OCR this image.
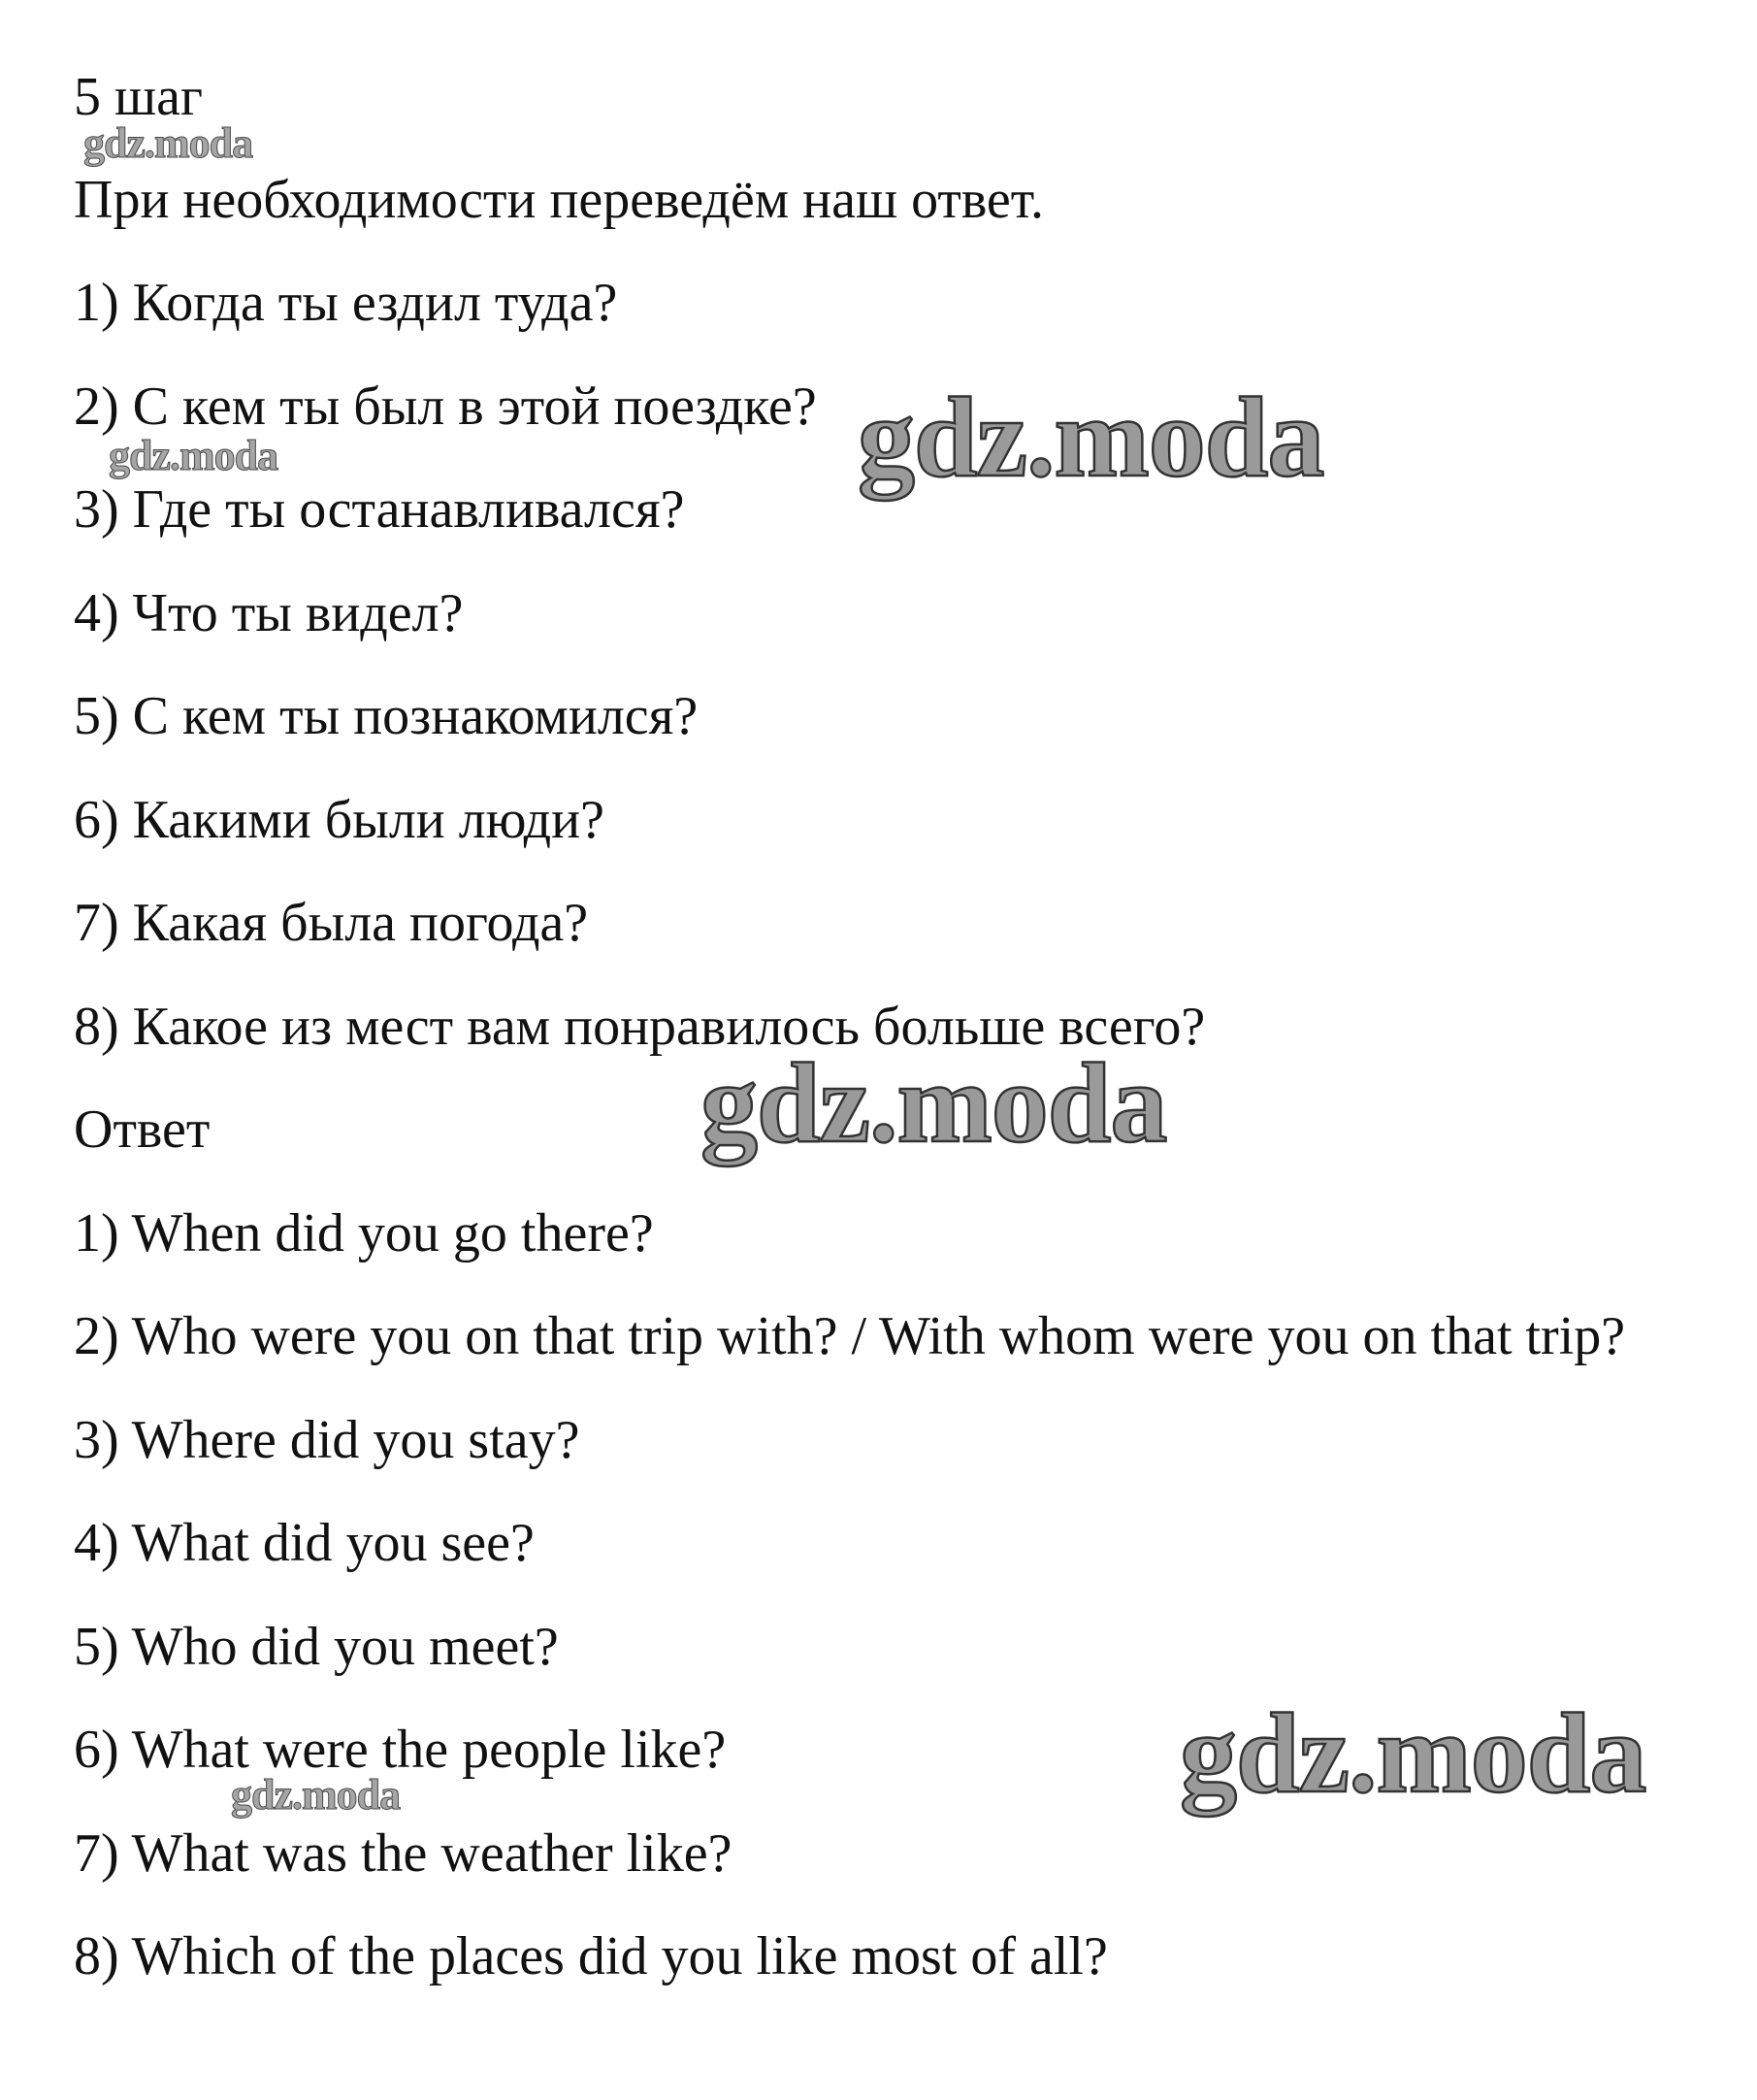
5 шаг

При необходимости переведём наш ответ.

1) Когда ты ездил туда?

2) С кем ты был в этой поездке?

3) Где ты останавливался?

4) Что ты видел?

5) С кем ты познакомился?

6) Какими были люди?

7) Какая была погода?

8) Какое из мест вам понравилось больше всего?

Ответ

1) When did you go there?

2) Who were you on that trip with? / With whom were you on that trip?

3) Where did you stay?

4) What did you see?

5) Who did you meet?

6) What were the people like?

7) What was the weather like?

8) Which of the places did you like most of all?

gdz.moda
gdz.moda
gdz.moda
gdz.moda
gdz.moda
gdz.moda
